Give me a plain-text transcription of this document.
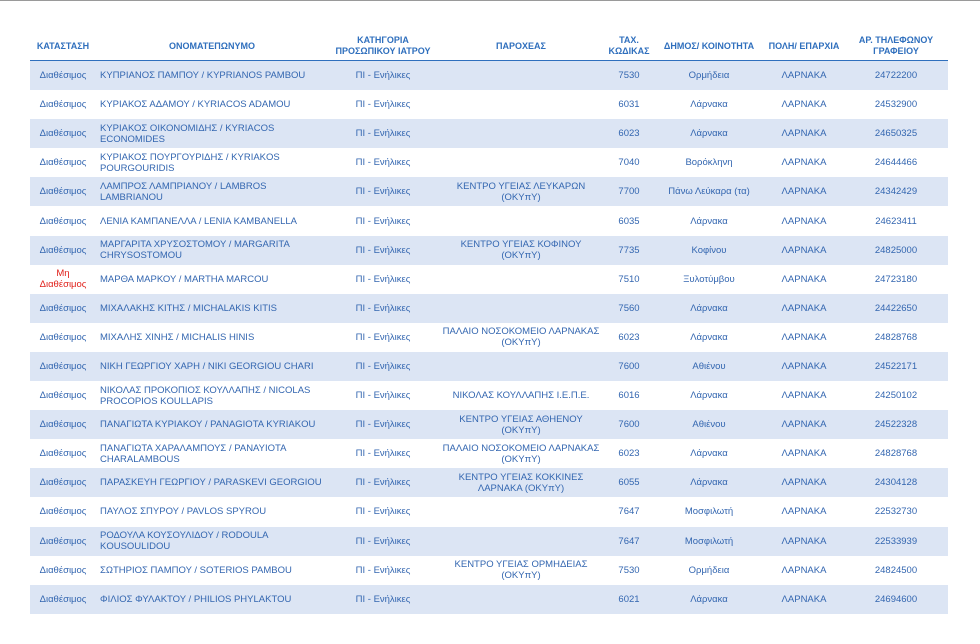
ΚΑΤΑΣΤΑΣΗ	ΟΝΟΜΑΤΕΠΩΝΥΜΟ	ΚΑΤΗΓΟΡΙΑ ΠΡΟΣΩΠΙΚΟΥ ΙΑΤΡΟΥ	ΠΑΡΟΧΕΑΣ	ΤΑΧ. ΚΩΔΙΚΑΣ	ΔΗΜΟΣ/ ΚΟΙΝΟΤΗΤΑ	ΠΟΛΗ/ ΕΠΑΡΧΙΑ	ΑΡ. ΤΗΛΕΦΩΝΟΥ ΓΡΑΦΕΙΟΥ
Διαθέσιμος	ΚΥΠΡΙΑΝΟΣ ΠΑΜΠΟΥ / KYPRIANOS PAMBOU	ΠΙ - Ενήλικες		7530	Ορμήδεια	ΛΑΡΝΑΚΑ	24722200
Διαθέσιμος	ΚΥΡΙΑΚΟΣ ΑΔΑΜΟΥ / KYRIACOS ADAMOU	ΠΙ - Ενήλικες		6031	Λάρνακα	ΛΑΡΝΑΚΑ	24532900
Διαθέσιμος	ΚΥΡΙΑΚΟΣ ΟΙΚΟΝΟΜΙΔΗΣ / KYRIACOS ECONOMIDES	ΠΙ - Ενήλικες		6023	Λάρνακα	ΛΑΡΝΑΚΑ	24650325
Διαθέσιμος	ΚΥΡΙΑΚΟΣ ΠΟΥΡΓΟΥΡΙΔΗΣ / KYRIAKOS POURGOURIDIS	ΠΙ - Ενήλικες		7040	Βορόκληνη	ΛΑΡΝΑΚΑ	24644466
Διαθέσιμος	ΛΑΜΠΡΟΣ ΛΑΜΠΡΙΑΝΟΥ / LAMBROS LAMBRIANOU	ΠΙ - Ενήλικες	ΚΕΝΤΡΟ ΥΓΕΙΑΣ ΛΕΥΚΑΡΩΝ (ΟΚΥπΥ)	7700	Πάνω Λεύκαρα (τα)	ΛΑΡΝΑΚΑ	24342429
Διαθέσιμος	ΛΕΝΙΑ ΚΑΜΠΑΝΕΛΛΑ / LENIA KAMBANELLA	ΠΙ - Ενήλικες		6035	Λάρνακα	ΛΑΡΝΑΚΑ	24623411
Διαθέσιμος	ΜΑΡΓΑΡΙΤΑ ΧΡΥΣΟΣΤΟΜΟΥ / MARGARITA CHRYSOSTOMOU	ΠΙ - Ενήλικες	ΚΕΝΤΡΟ ΥΓΕΙΑΣ ΚΟΦΙΝΟΥ (ΟΚΥπΥ)	7735	Κοφίνου	ΛΑΡΝΑΚΑ	24825000
Μη Διαθέσιμος	ΜΑΡΘΑ ΜΑΡΚΟΥ / MARTHA MARCOU	ΠΙ - Ενήλικες		7510	Ξυλοτύμβου	ΛΑΡΝΑΚΑ	24723180
Διαθέσιμος	ΜΙΧΑΛΑΚΗΣ ΚΙΤΗΣ / MICHALAKIS KITIS	ΠΙ - Ενήλικες		7560	Λάρνακα	ΛΑΡΝΑΚΑ	24422650
Διαθέσιμος	ΜΙΧΑΛΗΣ ΧΙΝΗΣ / MICHALIS HINIS	ΠΙ - Ενήλικες	ΠΑΛΑΙΟ ΝΟΣΟΚΟΜΕΙΟ ΛΑΡΝΑΚΑΣ (ΟΚΥπΥ)	6023	Λάρνακα	ΛΑΡΝΑΚΑ	24828768
Διαθέσιμος	ΝΙΚΗ ΓΕΩΡΓΙΟΥ ΧΑΡΗ / NIKI GEORGIOU CHARI	ΠΙ - Ενήλικες		7600	Αθιένου	ΛΑΡΝΑΚΑ	24522171
Διαθέσιμος	ΝΙΚΟΛΑΣ ΠΡΟΚΟΠΙΟΣ ΚΟΥΛΛΑΠΗΣ / NICOLAS PROCOPIOS KOULLAPIS	ΠΙ - Ενήλικες	ΝΙΚΟΛΑΣ ΚΟΥΛΛΑΠΗΣ Ι.Ε.Π.Ε.	6016	Λάρνακα	ΛΑΡΝΑΚΑ	24250102
Διαθέσιμος	ΠΑΝΑΓΙΩΤΑ ΚΥΡΙΑΚΟΥ / PANAGIOTA KYRIAKOU	ΠΙ - Ενήλικες	ΚΕΝΤΡΟ ΥΓΕΙΑΣ ΑΘΗΕΝΟΥ (ΟΚΥπΥ)	7600	Αθιένου	ΛΑΡΝΑΚΑ	24522328
Διαθέσιμος	ΠΑΝΑΓΙΩΤΑ ΧΑΡΑΛΑΜΠΟΥΣ / PANAYIOTA CHARALAMBOUS	ΠΙ - Ενήλικες	ΠΑΛΑΙΟ ΝΟΣΟΚΟΜΕΙΟ ΛΑΡΝΑΚΑΣ (ΟΚΥπΥ)	6023	Λάρνακα	ΛΑΡΝΑΚΑ	24828768
Διαθέσιμος	ΠΑΡΑΣΚΕΥΗ ΓΕΩΡΓΙΟΥ / PARASKEVI GEORGIOU	ΠΙ - Ενήλικες	ΚΕΝΤΡΟ ΥΓΕΙΑΣ ΚΟΚΚΙΝΕΣ ΛΑΡΝΑΚΑ (ΟΚΥπΥ)	6055	Λάρνακα	ΛΑΡΝΑΚΑ	24304128
Διαθέσιμος	ΠΑΥΛΟΣ ΣΠΥΡΟΥ / PAVLOS SPYROU	ΠΙ - Ενήλικες		7647	Μοσφιλωτή	ΛΑΡΝΑΚΑ	22532730
Διαθέσιμος	ΡΟΔΟΥΛΑ ΚΟΥΣΟΥΛΙΔΟΥ / RODOULA KOUSOULIDOU	ΠΙ - Ενήλικες		7647	Μοσφιλωτή	ΛΑΡΝΑΚΑ	22533939
Διαθέσιμος	ΣΩΤΗΡΙΟΣ ΠΑΜΠΟΥ / SOTERIOS PAMBOU	ΠΙ - Ενήλικες	ΚΕΝΤΡΟ ΥΓΕΙΑΣ ΟΡΜΗΔΕΙΑΣ (ΟΚΥπΥ)	7530	Ορμήδεια	ΛΑΡΝΑΚΑ	24824500
Διαθέσιμος	ΦΙΛΙΟΣ ΦΥΛΑΚΤΟΥ / PHILIOS PHYLAKTOU	ΠΙ - Ενήλικες		6021	Λάρνακα	ΛΑΡΝΑΚΑ	24694600
